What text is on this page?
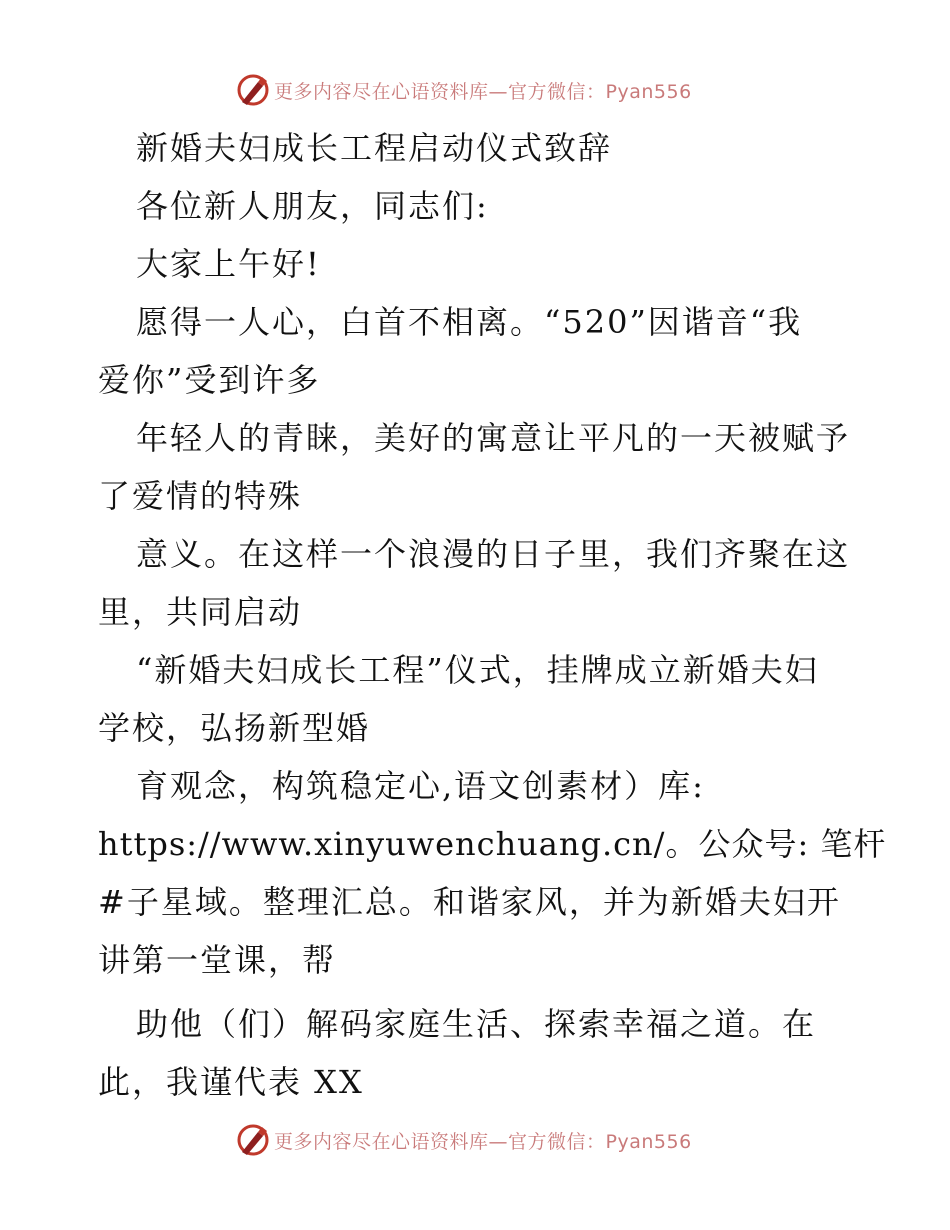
更多内容尽在心语资料库—官方微信：Pyan556
新婚夫妇成长工程启动仪式致辞
各位新人朋友，同志们:
大家上午好!
愿得一人心，白首不相离。“520”因谐音“我
爱你”受到许多
年轻人的青睐，美好的寓意让平凡的一天被赋予
了爱情的特殊
意义。在这样一个浪漫的日子里，我们齐聚在这
里，共同启动
“新婚夫妇成长工程”仪式，挂牌成立新婚夫妇
学校，弘扬新型婚
育观念，构筑稳定心,语文创素材）库:
https://www.xinyuwenchuang.cn/。公众号: 笔杆
#子星域。整理汇总。和谐家风，并为新婚夫妇开
讲第一堂课，帮
助他（们）解码家庭生活、探索幸福之道。在
此，我谨代表 XX
更多内容尽在心语资料库—官方微信：Pyan556
